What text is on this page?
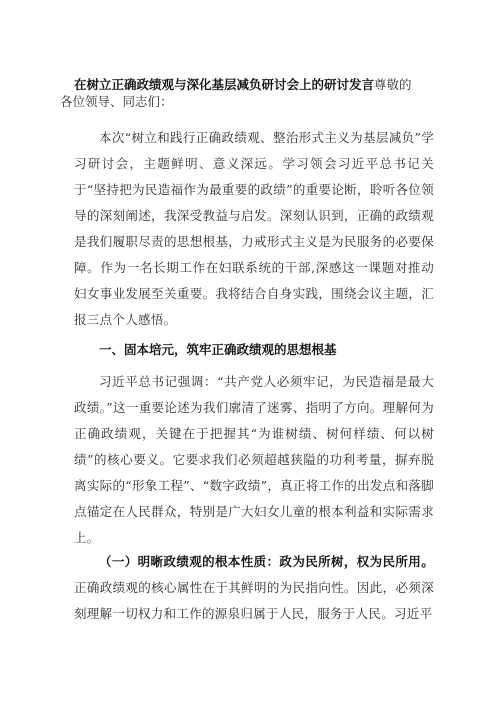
在树立正确政绩观与深化基层减负研讨会上的研讨发言尊敬的
各位领导、同志们：

本次“树立和践行正确政绩观、整治形式主义为基层减负”学习研讨会，主题鲜明、意义深远。学习领会习近平总书记关于“坚持把为民造福作为最重要的政绩”的重要论断，聆听各位领导的深刻阐述，我深受教益与启发。深刻认识到，正确的政绩观是我们履职尽责的思想根基，力戒形式主义是为民服务的必要保障。作为一名长期工作在妇联系统的干部,深感这一课题对推动妇女事业发展至关重要。我将结合自身实践，围绕会议主题，汇报三点个人感悟。

一、固本培元，筑牢正确政绩观的思想根基

习近平总书记强调：“共产党人必须牢记，为民造福是最大政绩。”这一重要论述为我们廓清了迷雾、指明了方向。理解何为正确政绩观，关键在于把握其“为谁树绩、树何样绩、何以树绩”的核心要义。它要求我们必须超越狭隘的功利考量，摒弃脱离实际的“形象工程”、“数字政绩”，真正将工作的出发点和落脚点锚定在人民群众，特别是广大妇女儿童的根本利益和实际需求上。

（一）明晰政绩观的根本性质：政为民所树，权为民所用。正确政绩观的核心属性在于其鲜明的为民指向性。因此，必须深刻理解一切权力和工作的源泉归属于人民，服务于人民。习近平
